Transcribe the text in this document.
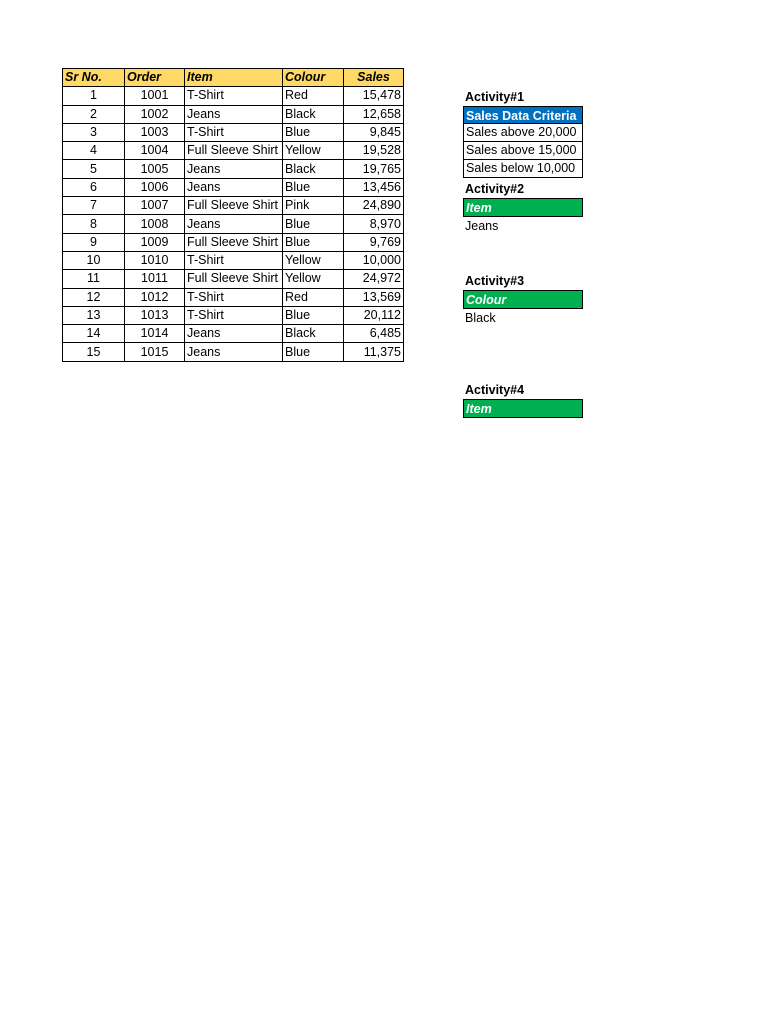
Sr No.	Order	Item	Colour	Sales
1	1001	T-Shirt	Red	15,478
2	1002	Jeans	Black	12,658
3	1003	T-Shirt	Blue	9,845
4	1004	Full Sleeve Shirt	Yellow	19,528
5	1005	Jeans	Black	19,765
6	1006	Jeans	Blue	13,456
7	1007	Full Sleeve Shirt	Pink	24,890
8	1008	Jeans	Blue	8,970
9	1009	Full Sleeve Shirt	Blue	9,769
10	1010	T-Shirt	Yellow	10,000
11	1011	Full Sleeve Shirt	Yellow	24,972
12	1012	T-Shirt	Red	13,569
13	1013	T-Shirt	Blue	20,112
14	1014	Jeans	Black	6,485
15	1015	Jeans	Blue	11,375
Activity#1
Sales Data Criteria
Sales above 20,000
Sales above 15,000
Sales below 10,000
Activity#2
Item
Jeans
Activity#3
Colour
Black
Activity#4
Item
